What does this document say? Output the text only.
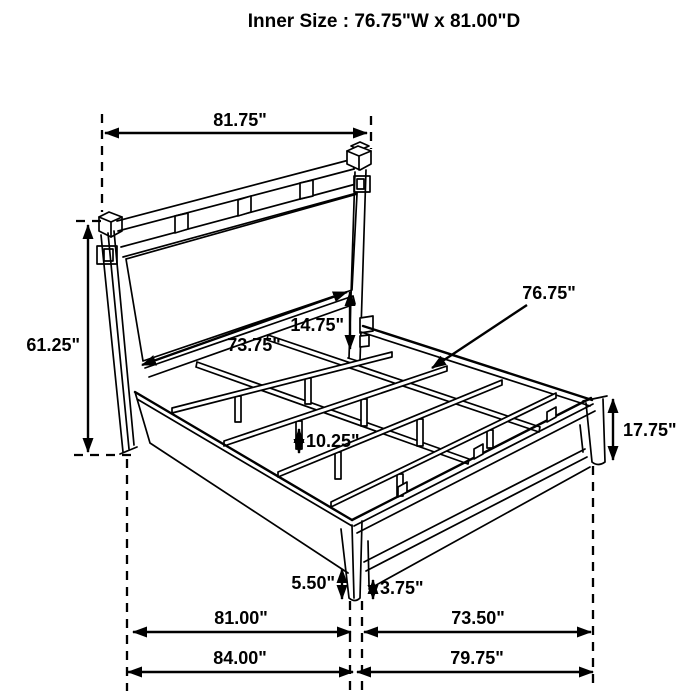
Inner Size : 76.75"W x 81.00"D
81.75"
61.25"	73.75"
14.75"
76.75"
17.75"
10.25"
5.50"	3.75"
81.00"	73.50"
84.00"	79.75"
